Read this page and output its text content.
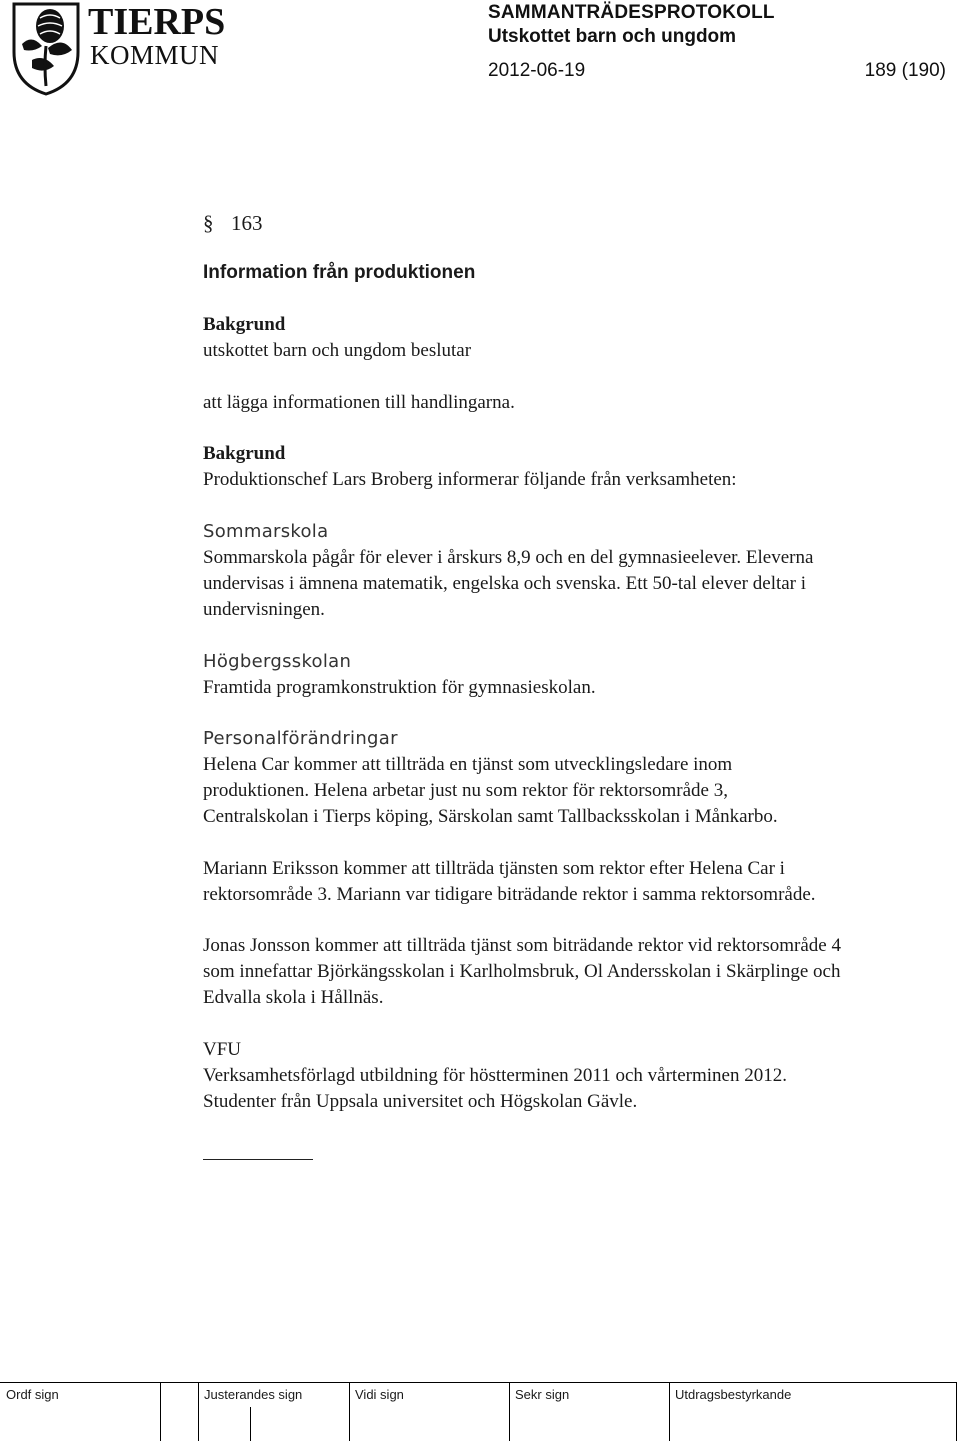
TIERPS
KOMMUN
SAMMANTRÄDESPROTOKOLL
Utskottet barn och ungdom
2012-06-19	189 (190)
§ 163
Information från produktionen
Bakgrund
utskottet barn och ungdom beslutar
att lägga informationen till handlingarna.
Bakgrund
Produktionschef Lars Broberg informerar följande från verksamheten:
Sommarskola

Sommarskola pågår för elever i årskurs 8,9 och en del gymnasieelever. Eleverna

undervisas i ämnena matematik, engelska och svenska. Ett 50-tal elever deltar i

undervisningen.

Högbergsskolan
Framtida programkonstruktion för gymnasieskolan.
Personalförändringar

Helena Car kommer att tillträda en tjänst som utvecklingsledare inom

produktionen. Helena arbetar just nu som rektor för rektorsområde 3,

Centralskolan i Tierps köping, Särskolan samt Tallbacksskolan i Månkarbo.

Mariann Eriksson kommer att tillträda tjänsten som rektor efter Helena Car i

rektorsområde 3. Mariann var tidigare biträdande rektor i samma rektorsområde.

Jonas Jonsson kommer att tillträda tjänst som biträdande rektor vid rektorsområde 4

som innefattar Björkängsskolan i Karlholmsbruk, Ol Andersskolan i Skärplinge och

Edvalla skola i Hållnäs.

VFU

Verksamhetsförlagd utbildning för höstterminen 2011 och vårterminen 2012.

Studenter från Uppsala universitet och Högskolan Gävle.

Ordf sign	Justerandes sign	Vidi sign	Sekr sign	Utdragsbestyrkande
